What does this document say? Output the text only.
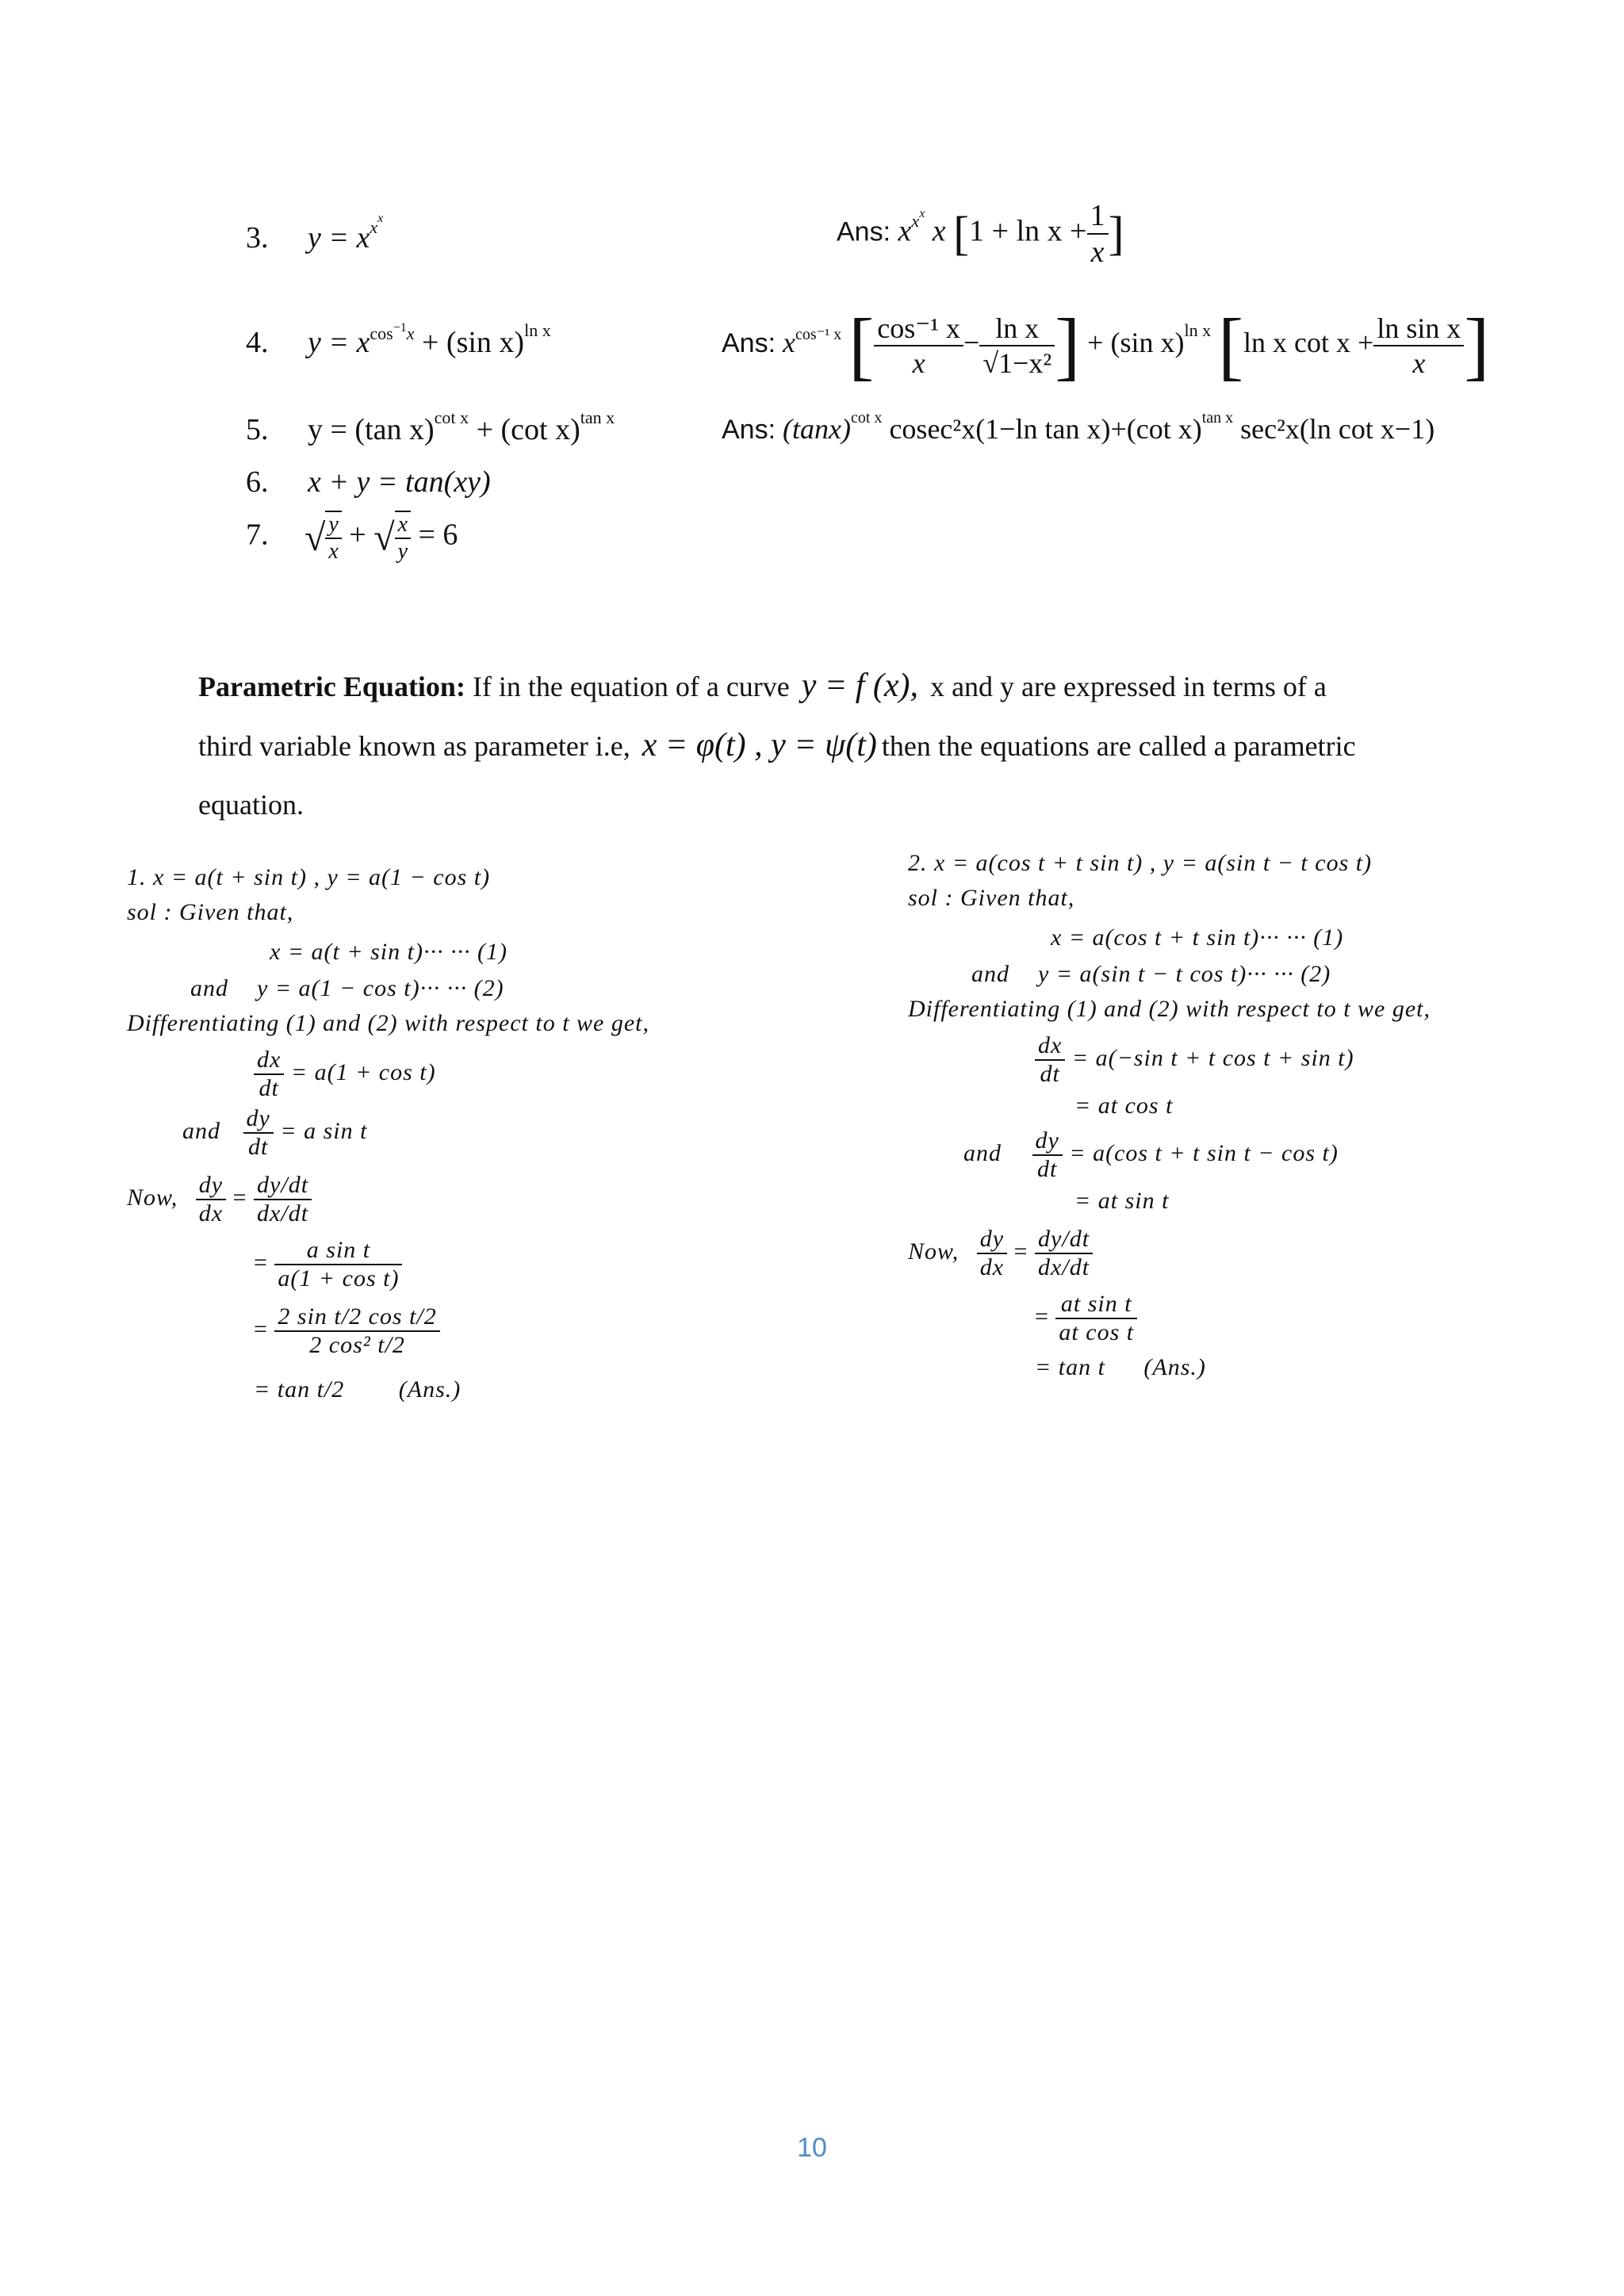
3. $y = x^{xx}$	Ans: $x^{xx}$ x [$1 + \ln x + \frac{1}{x}$ ]
4. $y = x^{cos-1x} + (\sin$ x)$^{ln x}$	Ans: $x^{cos^{-1} x}$ [ $\frac{\text{cos⁻¹ x}}{x} - \frac{\text{ln x}}{\text{√1−x²}}$ ] + (sin x)$^{ln x}$ [ln x $\cot x + \frac{\text{ln sin x}}{x}$ ]
5. y = (tan x)$^{cot x}$ + (cot x)$^{tan x}$	Ans: $(\tan x)^{cot x}$ cosec²x(1−ln tan x)+(cot x)$^{tan x}$ sec²x(ln cot x−1)
6. x + y = tan(xy)
7. √ $\frac{y}{x}$ + √ $\frac{x}{y} = 6$
Parametric Equation: If in the equation of a curve y = f (x), x and y are expressed in terms of a
third variable known as parameter i.e, x = φ(t) , y = ψ(t) then the equations are called a parametric
equation.
1. x = a(t + sin t) , y = a(1 − cos t)
sol : Given that,
x = a(t + sin t)··· ··· (1)
and y = a(1 − cos t)··· ··· (2)
Differentiating (1) and (2) with respect to t we get,
$\frac{dx}{dt} = a(1 + \cos t)$
and $\frac{dy}{dt} = a$ sin t
Now, $\frac{dy}{dx} = \frac{dy/dt}{dx/dt}$
= $\frac{\text{a sin t}}{\text{a(1 + cos t)}}$
= $\frac{\text{2 sin t/2 cos t/2}}{\text{2 cos² t/2}}$
= tan t/2 (Ans.)
2. x = a(cos t + t sin t) , y = a(sin t − t cos t)
sol : Given that,
x = a(cos t + t sin t)··· ··· (1)
and y = a(sin t − t cos t)··· ··· (2)
Differentiating (1) and (2) with respect to t we get,
$\frac{dx}{dt} = a(-\sin$ t + t cos t + sin t)
= at cos t
and $\frac{dy}{dt} = a(\cos$ t + t sin t − cos t)
= at sin t
Now, $\frac{dy}{dx} = \frac{dy/dt}{dx/dt}$
= $\frac{\text{at sin t}}{\text{at cos t}}$
= tan t (Ans.)
10
